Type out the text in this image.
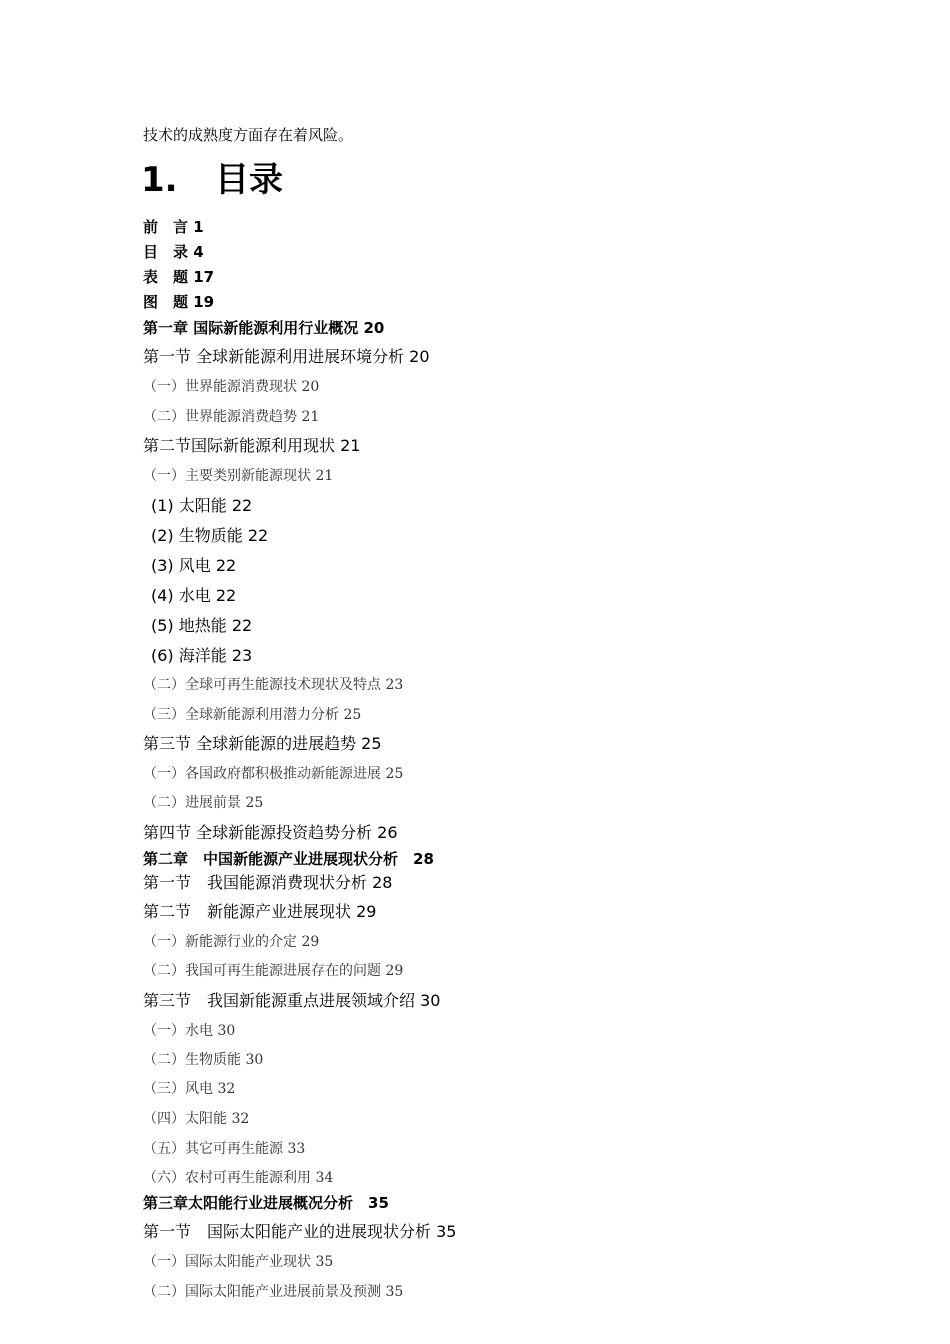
技术的成熟度方面存在着风险。
1. 目录
前　言 1
目　录 4
表　题 17
图　题 19
第一章 国际新能源利用行业概况 20
第一节 全球新能源利用进展环境分析 20
（一）世界能源消费现状 20
（二）世界能源消费趋势 21
第二节国际新能源利用现状 21
（一）主要类别新能源现状 21
(1) 太阳能 22
(2) 生物质能 22
(3) 风电 22
(4) 水电 22
(5) 地热能 22
(6) 海洋能 23
（二）全球可再生能源技术现状及特点 23
（三）全球新能源利用潜力分析 25
第三节 全球新能源的进展趋势 25
（一）各国政府都积极推动新能源进展 25
（二）进展前景 25
第四节 全球新能源投资趋势分析 26
第二章　中国新能源产业进展现状分析　28
第一节　我国能源消费现状分析 28
第二节　新能源产业进展现状 29
（一）新能源行业的介定 29
（二）我国可再生能源进展存在的问题 29
第三节　我国新能源重点进展领域介绍 30
（一）水电 30
（二）生物质能 30
（三）风电 32
（四）太阳能 32
（五）其它可再生能源 33
（六）农村可再生能源利用 34
第三章太阳能行业进展概况分析　35
第一节　国际太阳能产业的进展现状分析 35
（一）国际太阳能产业现状 35
（二）国际太阳能产业进展前景及预测 35
